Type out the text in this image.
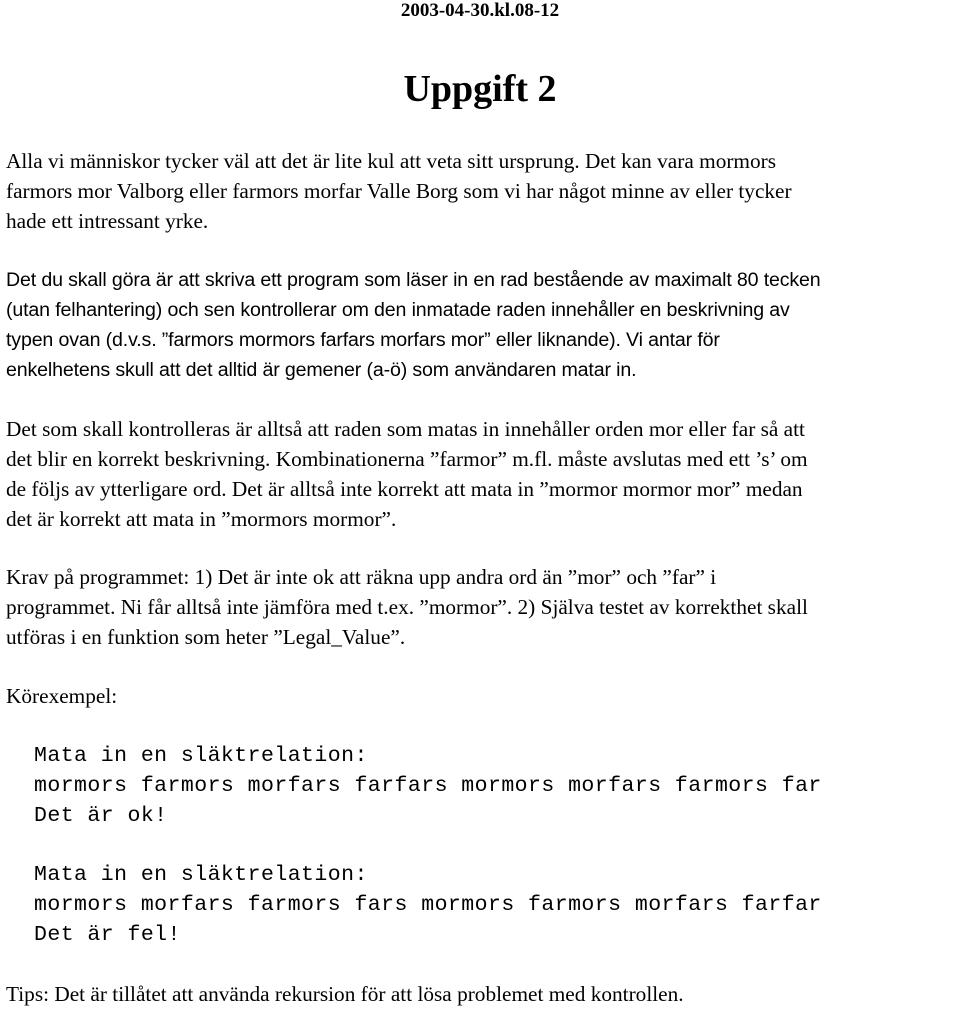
2003-04-30.kl.08-12
Uppgift 2
Alla vi människor tycker väl att det är lite kul att veta sitt ursprung. Det kan vara mormors
farmors mor Valborg eller farmors morfar Valle Borg som vi har något minne av eller tycker
hade ett intressant yrke.
Det du skall göra är att skriva ett program som läser in en rad bestående av maximalt 80 tecken
(utan felhantering) och sen kontrollerar om den inmatade raden innehåller en beskrivning av
typen ovan (d.v.s. ”farmors mormors farfars morfars mor” eller liknande). Vi antar för
enkelhetens skull att det alltid är gemener (a-ö) som användaren matar in.
Det som skall kontrolleras är alltså att raden som matas in innehåller orden mor eller far så att
det blir en korrekt beskrivning. Kombinationerna ”farmor” m.fl. måste avslutas med ett ’s’ om
de följs av ytterligare ord. Det är alltså inte korrekt att mata in ”mormor mormor mor” medan
det är korrekt att mata in ”mormors mormor”.
Krav på programmet: 1) Det är inte ok att räkna upp andra ord än ”mor” och ”far” i
programmet. Ni får alltså inte jämföra med t.ex. ”mormor”. 2) Själva testet av korrekthet skall
utföras i en funktion som heter ”Legal_Value”.
Körexempel:
Mata in en släktrelation:
mormors farmors morfars farfars mormors morfars farmors far
Det är ok!
Mata in en släktrelation:
mormors morfars farmors fars mormors farmors morfars farfar
Det är fel!
Tips: Det är tillåtet att använda rekursion för att lösa problemet med kontrollen.
